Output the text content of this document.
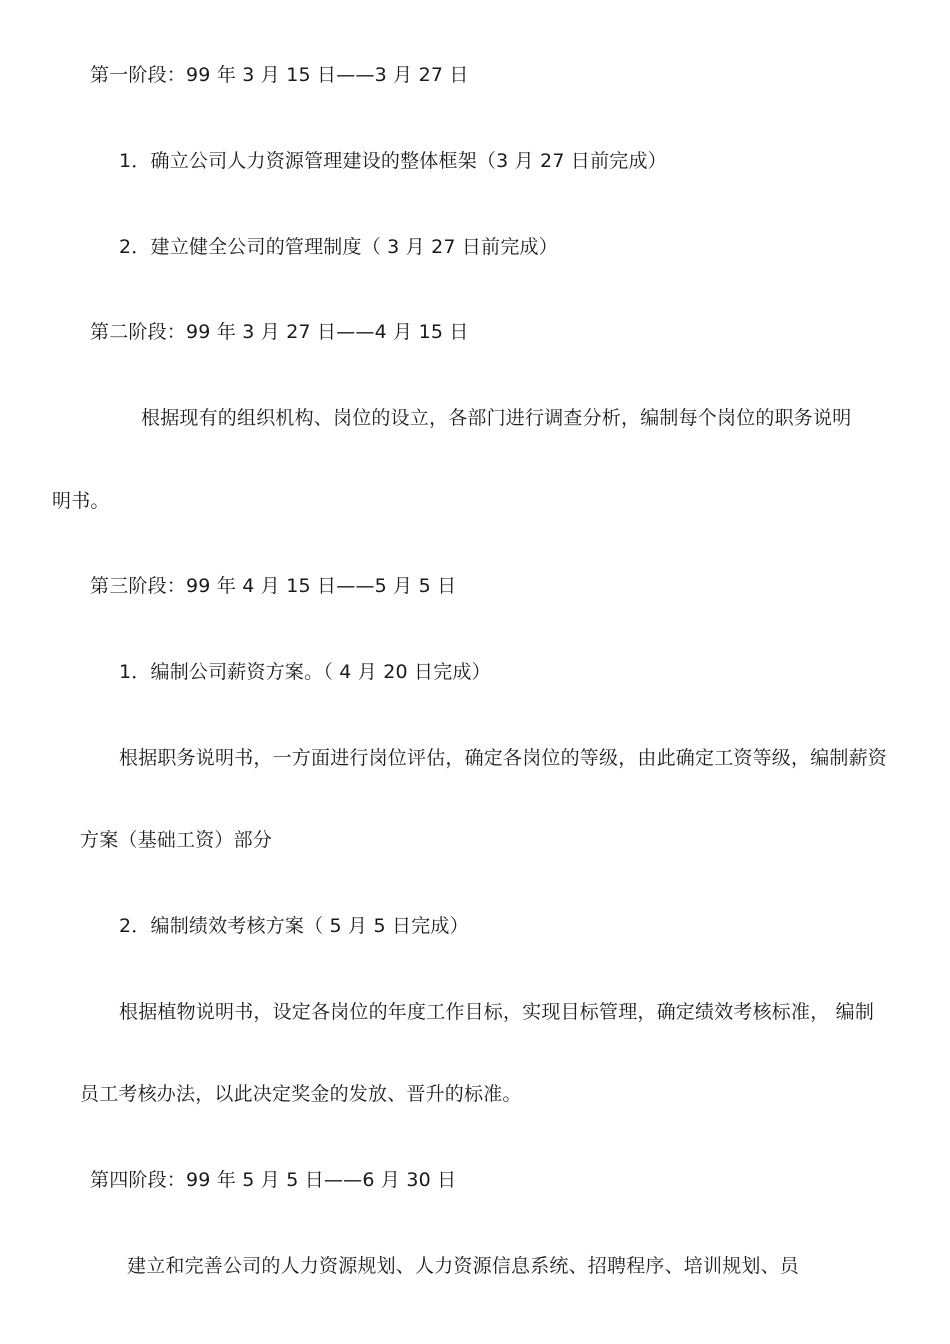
第一阶段：99 年 3 月 15 日——3 月 27 日
1．确立公司人力资源管理建设的整体框架（3 月 27 日前完成）
2．建立健全公司的管理制度（ 3 月 27 日前完成）
第二阶段：99 年 3 月 27 日——4 月 15 日
根据现有的组织机构、岗位的设立，各部门进行调查分析，编制每个岗位的职务说明
明书。
第三阶段：99 年 4 月 15 日——5 月 5 日
1．编制公司薪资方案。（ 4 月 20 日完成）
根据职务说明书，一方面进行岗位评估，确定各岗位的等级，由此确定工资等级，编制薪资
方案（基础工资）部分
2．编制绩效考核方案（ 5 月 5 日完成）
根据植物说明书，设定各岗位的年度工作目标，实现目标管理，确定绩效考核标准， 编制
员工考核办法，以此决定奖金的发放、晋升的标准。
第四阶段：99 年 5 月 5 日——6 月 30 日
建立和完善公司的人力资源规划、人力资源信息系统、招聘程序、培训规划、员
